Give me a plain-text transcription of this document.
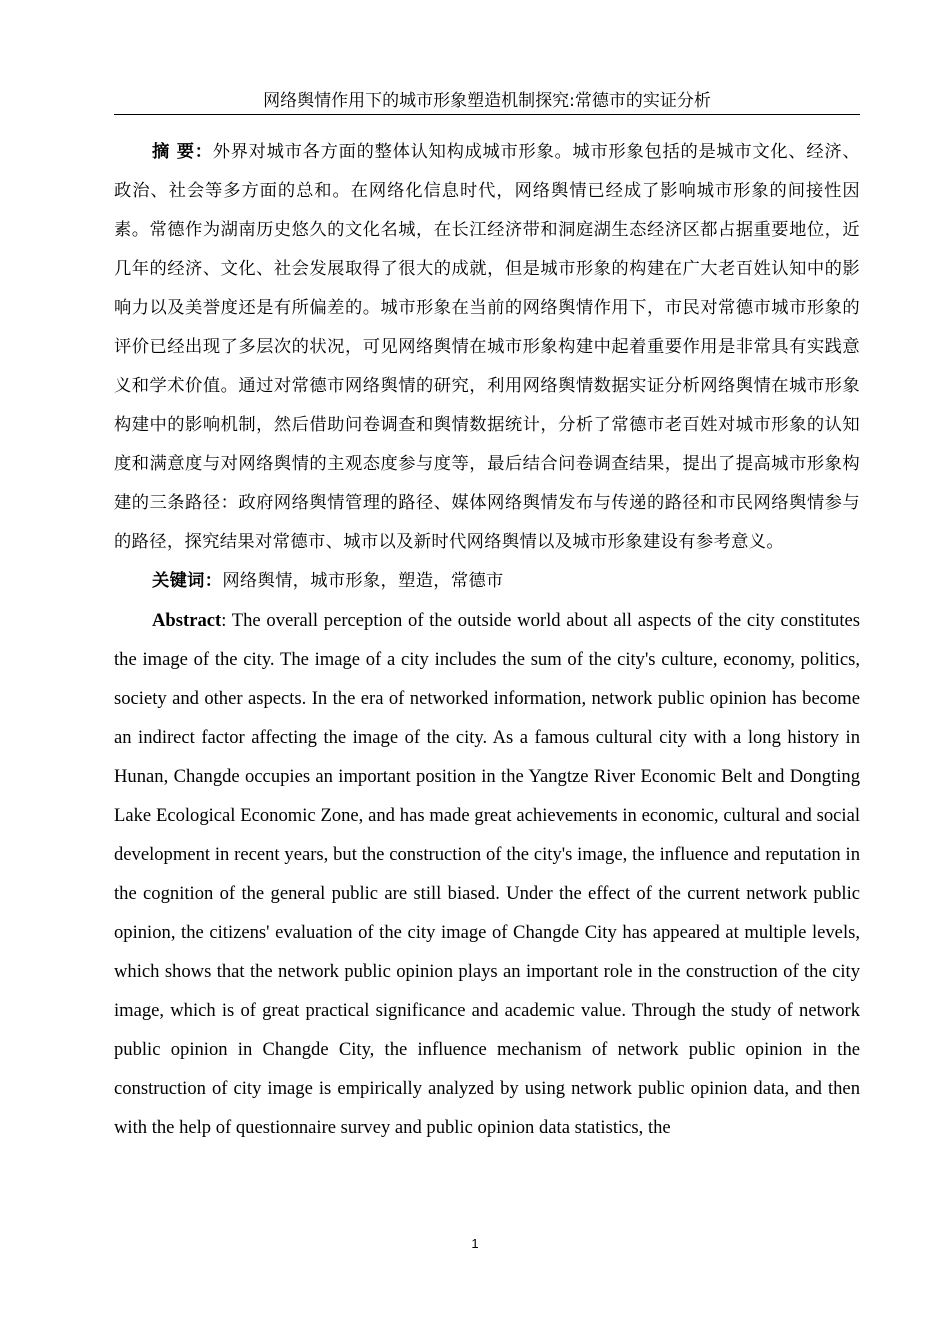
网络舆情作用下的城市形象塑造机制探究:常德市的实证分析

摘 要：外界对城市各方面的整体认知构成城市形象。城市形象包括的是城市文化、经济、政治、社会等多方面的总和。在网络化信息时代，网络舆情已经成了影响城市形象的间接性因素。常德作为湖南历史悠久的文化名城，在长江经济带和洞庭湖生态经济区都占据重要地位，近几年的经济、文化、社会发展取得了很大的成就，但是城市形象的构建在广大老百姓认知中的影响力以及美誉度还是有所偏差的。城市形象在当前的网络舆情作用下，市民对常德市城市形象的评价已经出现了多层次的状况，可见网络舆情在城市形象构建中起着重要作用是非常具有实践意义和学术价值。通过对常德市网络舆情的研究，利用网络舆情数据实证分析网络舆情在城市形象构建中的影响机制，然后借助问卷调查和舆情数据统计，分析了常德市老百姓对城市形象的认知度和满意度与对网络舆情的主观态度参与度等，最后结合问卷调查结果，提出了提高城市形象构建的三条路径：政府网络舆情管理的路径、媒体网络舆情发布与传递的路径和市民网络舆情参与的路径，探究结果对常德市、城市以及新时代网络舆情以及城市形象建设有参考意义。

关键词：网络舆情，城市形象，塑造，常德市

Abstract: The overall perception of the outside world about all aspects of the city constitutes the image of the city. The image of a city includes the sum of the city's culture, economy, politics, society and other aspects. In the era of networked information, network public opinion has become an indirect factor affecting the image of the city. As a famous cultural city with a long history in Hunan, Changde occupies an important position in the Yangtze River Economic Belt and Dongting Lake Ecological Economic Zone, and has made great achievements in economic, cultural and social development in recent years, but the construction of the city's image, the influence and reputation in the cognition of the general public are still biased. Under the effect of the current network public opinion, the citizens' evaluation of the city image of Changde City has appeared at multiple levels, which shows that the network public opinion plays an important role in the construction of the city image, which is of great practical significance and academic value. Through the study of network public opinion in Changde City, the influence mechanism of network public opinion in the construction of city image is empirically analyzed by using network public opinion data, and then with the help of questionnaire survey and public opinion data statistics, the

1
